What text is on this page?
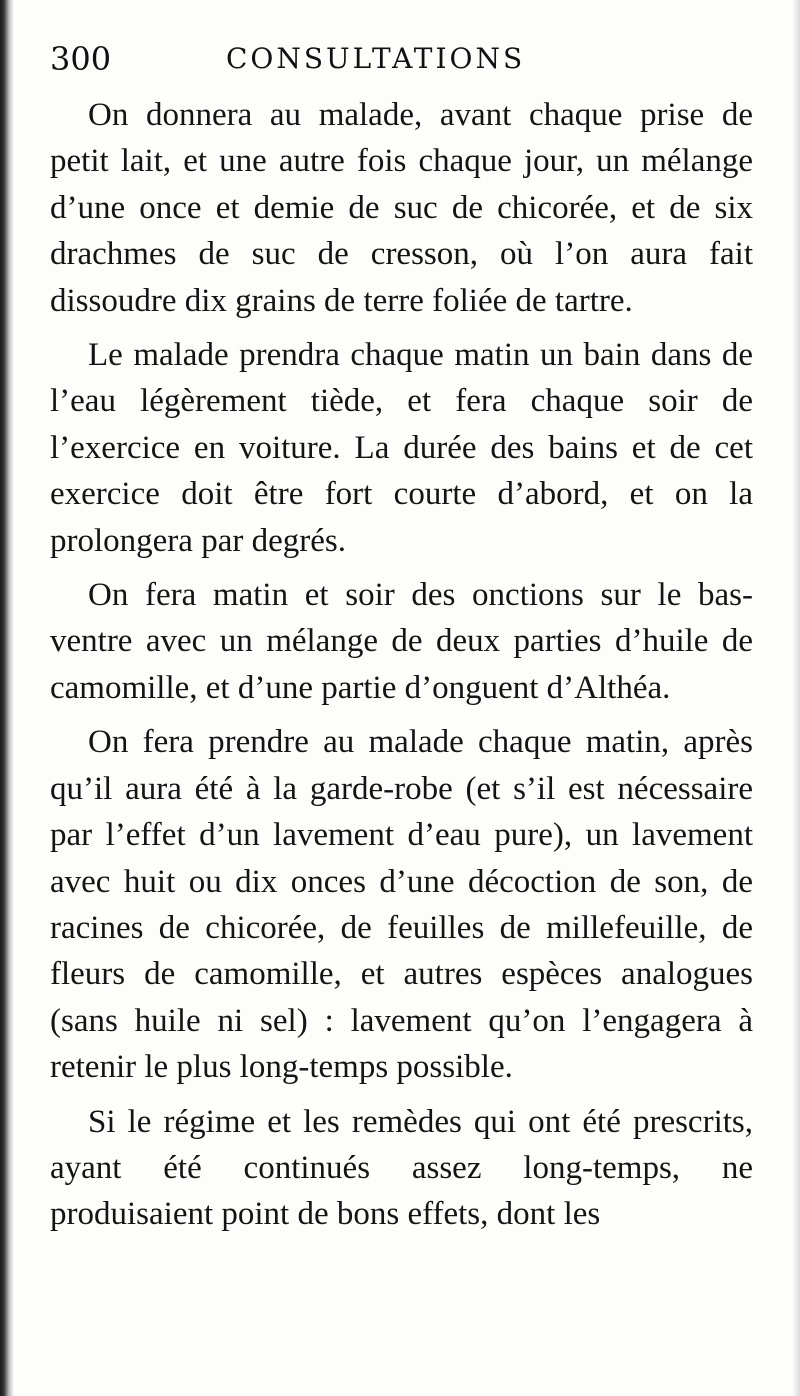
300	CONSULTATIONS

On donnera au malade, avant chaque prise de petit lait, et une autre fois chaque jour, un mélange d’une once et demie de suc de chicorée, et de six drachmes de suc de cresson, où l’on aura fait dissoudre dix grains de terre foliée de tartre.

Le malade prendra chaque matin un bain dans de l’eau légèrement tiède, et fera chaque soir de l’exercice en voiture. La durée des bains et de cet exercice doit être fort courte d’abord, et on la prolongera par degrés.

On fera matin et soir des onctions sur le bas-ventre avec un mélange de deux parties d’huile de camomille, et d’une partie d’onguent d’Althéa.

On fera prendre au malade chaque matin, après qu’il aura été à la garde-robe (et s’il est nécessaire par l’effet d’un lavement d’eau pure), un lavement avec huit ou dix onces d’une décoction de son, de racines de chicorée, de feuilles de millefeuille, de fleurs de camomille, et autres espèces analogues (sans huile ni sel) : lavement qu’on l’engagera à retenir le plus long-temps possible.

Si le régime et les remèdes qui ont été prescrits, ayant été continués assez long-temps, ne produisaient point de bons effets, dont les
